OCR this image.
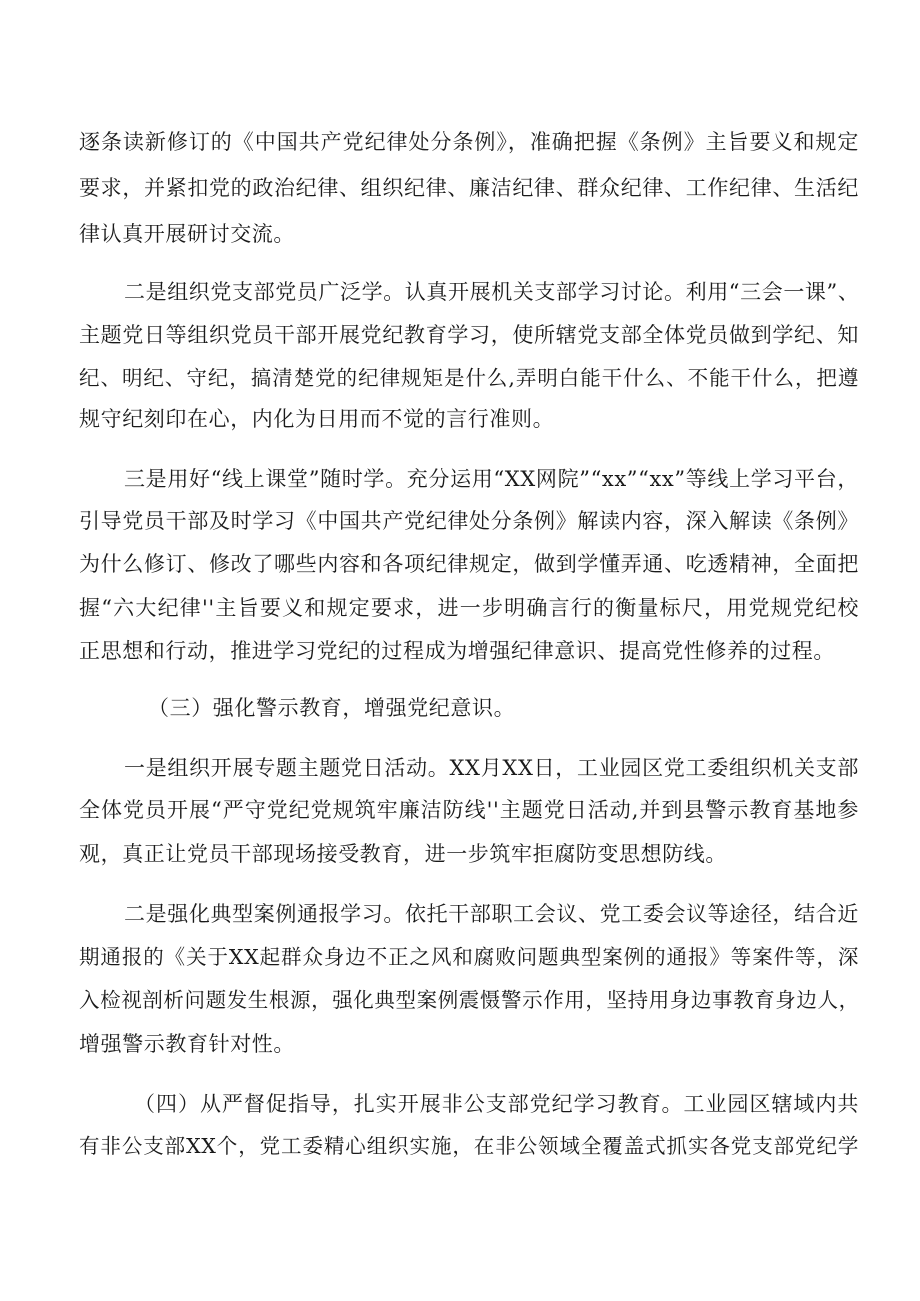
逐条读新修订的《中国共产党纪律处分条例》，准确把握《条例》主旨要义和规定
要求，并紧扣党的政治纪律、组织纪律、廉洁纪律、群众纪律、工作纪律、生活纪
律认真开展研讨交流。
二是组织党支部党员广泛学。认真开展机关支部学习讨论。利用“三会一课”、
主题党日等组织党员干部开展党纪教育学习，使所辖党支部全体党员做到学纪、知
纪、明纪、守纪，搞清楚党的纪律规矩是什么,弄明白能干什么、不能干什么，把遵
规守纪刻印在心，内化为日用而不觉的言行准则。
三是用好“线上课堂”随时学。充分运用“XX网院”“xx”“xx”等线上学习平台，
引导党员干部及时学习《中国共产党纪律处分条例》解读内容，深入解读《条例》
为什么修订、修改了哪些内容和各项纪律规定，做到学懂弄通、吃透精神，全面把
握“六大纪律''主旨要义和规定要求，进一步明确言行的衡量标尺，用党规党纪校
正思想和行动，推进学习党纪的过程成为增强纪律意识、提高党性修养的过程。
（三）强化警示教育，增强党纪意识。
一是组织开展专题主题党日活动。XX月XX日，工业园区党工委组织机关支部
全体党员开展“严守党纪党规筑牢廉洁防线''主题党日活动,并到县警示教育基地参
观，真正让党员干部现场接受教育，进一步筑牢拒腐防变思想防线。
二是强化典型案例通报学习。依托干部职工会议、党工委会议等途径，结合近
期通报的《关于XX起群众身边不正之风和腐败问题典型案例的通报》等案件等，深
入检视剖析问题发生根源，强化典型案例震慑警示作用，坚持用身边事教育身边人，
增强警示教育针对性。
（四）从严督促指导，扎实开展非公支部党纪学习教育。工业园区辖域内共
有非公支部XX个，党工委精心组织实施，在非公领域全覆盖式抓实各党支部党纪学
